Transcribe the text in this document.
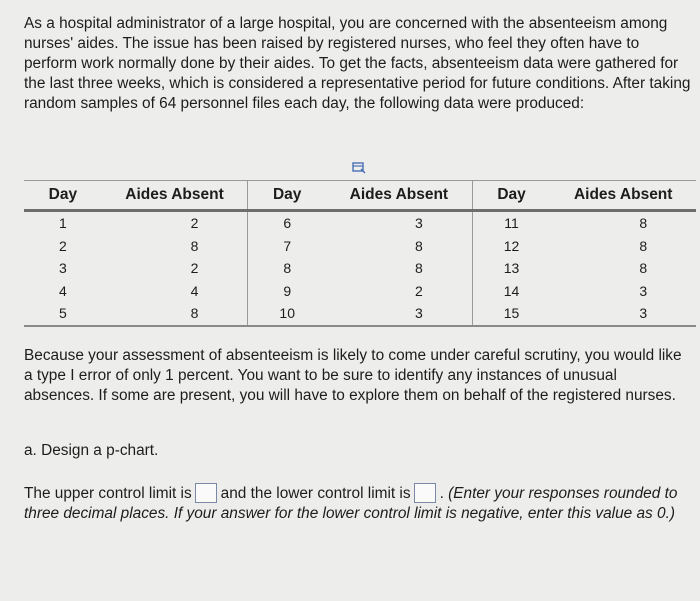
As a hospital administrator of a large hospital, you are concerned with the absenteeism among nurses' aides. The issue has been raised by registered nurses, who feel they often have to perform work normally done by their aides. To get the facts, absenteeism data were gathered for the last three weeks, which is considered a representative period for future conditions. After taking random samples of 64 personnel files each day, the following data were produced:

Day	Aides Absent	Day	Aides Absent	Day	Aides Absent
1	2	6	3	11	8
2	8	7	8	12	8
3	2	8	8	13	8
4	4	9	2	14	3
5	8	10	3	15	3

Because your assessment of absenteeism is likely to come under careful scrutiny, you would like a type I error of only 1 percent. You want to be sure to identify any instances of unusual absences. If some are present, you will have to explore them on behalf of the registered nurses.

a. Design a p-chart.

The upper control limit is and the lower control limit is . (Enter your responses rounded to
three decimal places. If your answer for the lower control limit is negative, enter this value as 0.)
